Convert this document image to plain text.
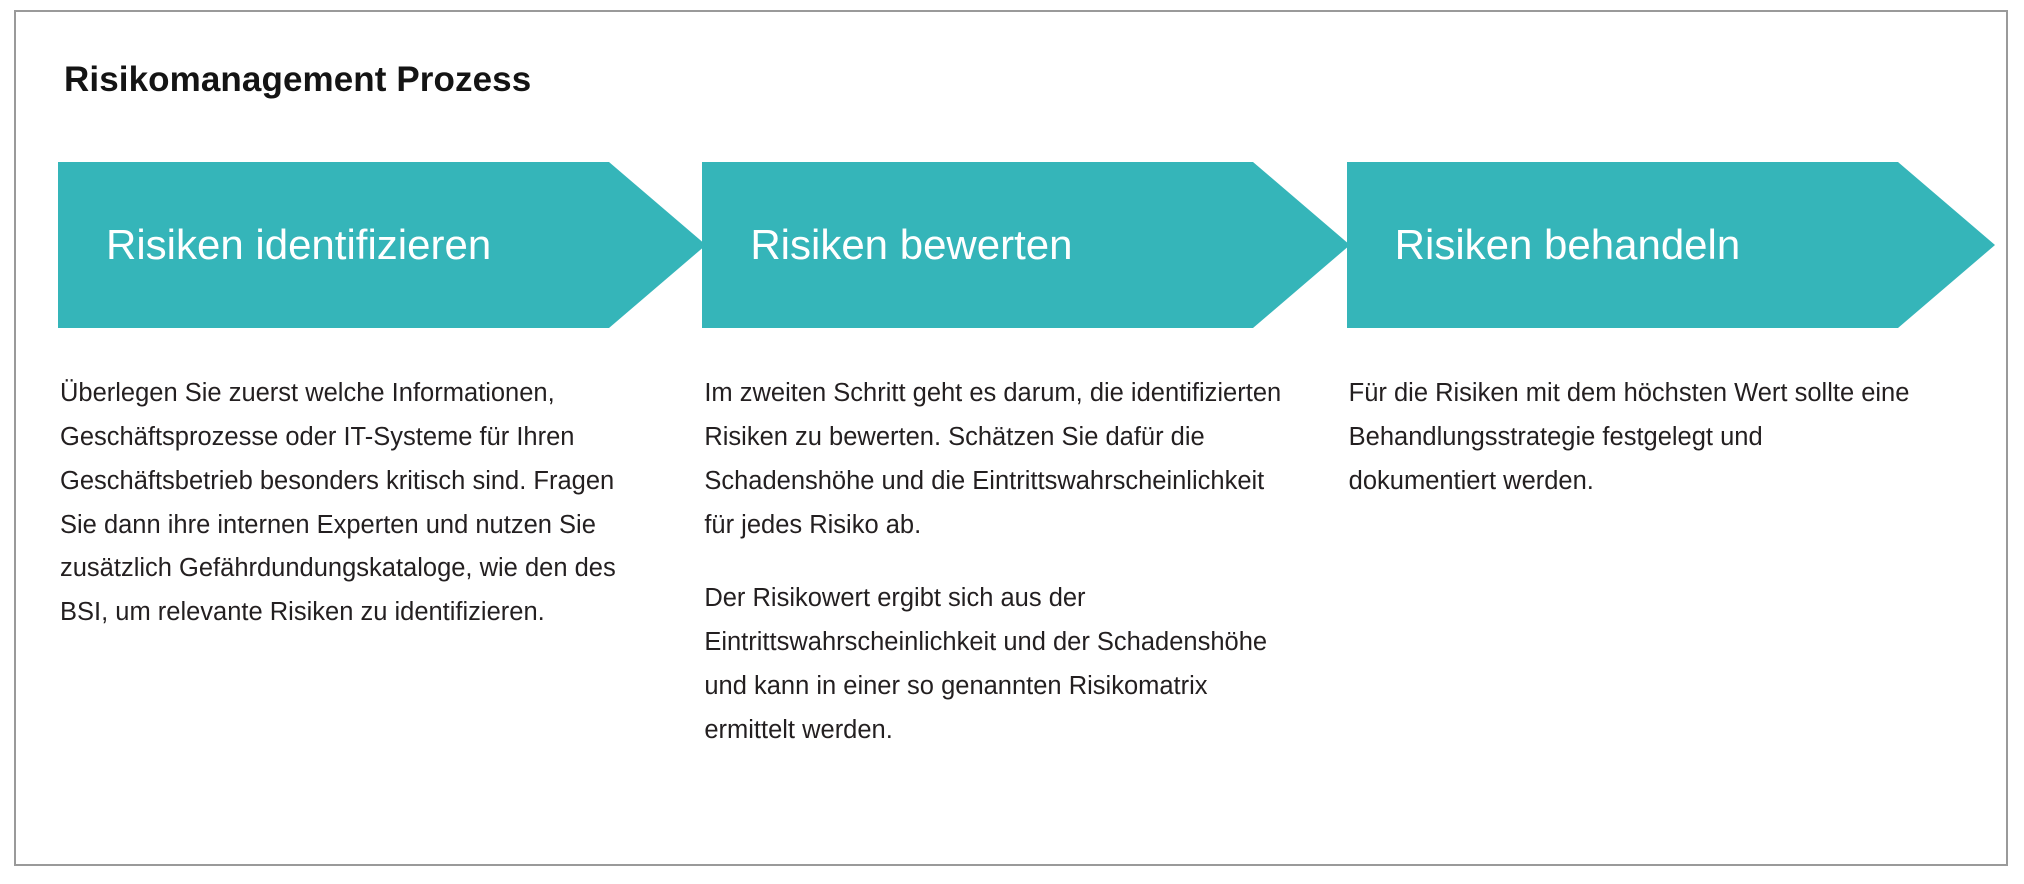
Risikomanagement Prozess
Risiken identifizieren

Überlegen Sie zuerst welche Informationen, Geschäftsprozesse oder IT-Systeme für Ihren Geschäftsbetrieb besonders kritisch sind. Fragen Sie dann ihre internen Experten und nutzen Sie zusätzlich Gefährdundungskataloge, wie den des BSI, um relevante Risiken zu identifizieren.

Risiken bewerten

Im zweiten Schritt geht es darum, die identifizierten Risiken zu bewerten. Schätzen Sie dafür die Schadenshöhe und die Eintrittswahrscheinlichkeit für jedes Risiko ab.

Der Risikowert ergibt sich aus der Eintrittswahrscheinlichkeit und der Schadenshöhe und kann in einer so genannten Risikomatrix ermittelt werden.

Risiken behandeln

Für die Risiken mit dem höchsten Wert sollte eine Behandlungsstrategie festgelegt und dokumentiert werden.
